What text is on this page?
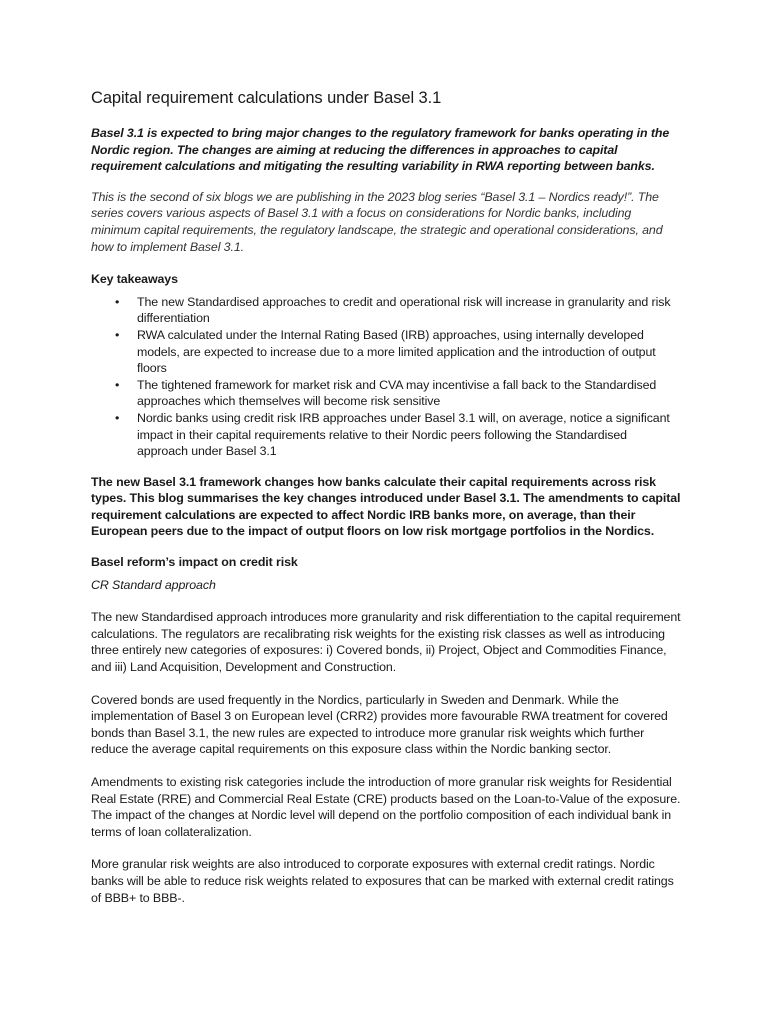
Capital requirement calculations under Basel 3.1

Basel 3.1 is expected to bring major changes to the regulatory framework for banks operating in the Nordic region. The changes are aiming at reducing the differences in approaches to capital requirement calculations and mitigating the resulting variability in RWA reporting between banks.

This is the second of six blogs we are publishing in the 2023 blog series “Basel 3.1 – Nordics ready!”. The series covers various aspects of Basel 3.1 with a focus on considerations for Nordic banks, including minimum capital requirements, the regulatory landscape, the strategic and operational considerations, and how to implement Basel 3.1.

Key takeaways
• The new Standardised approaches to credit and operational risk will increase in granularity and risk differentiation
• RWA calculated under the Internal Rating Based (IRB) approaches, using internally developed models, are expected to increase due to a more limited application and the introduction of output floors
• The tightened framework for market risk and CVA may incentivise a fall back to the Standardised approaches which themselves will become risk sensitive
• Nordic banks using credit risk IRB approaches under Basel 3.1 will, on average, notice a significant impact in their capital requirements relative to their Nordic peers following the Standardised approach under Basel 3.1

The new Basel 3.1 framework changes how banks calculate their capital requirements across risk types. This blog summarises the key changes introduced under Basel 3.1. The amendments to capital requirement calculations are expected to affect Nordic IRB banks more, on average, than their European peers due to the impact of output floors on low risk mortgage portfolios in the Nordics.

Basel reform’s impact on credit risk
CR Standard approach

The new Standardised approach introduces more granularity and risk differentiation to the capital requirement calculations. The regulators are recalibrating risk weights for the existing risk classes as well as introducing three entirely new categories of exposures: i) Covered bonds, ii) Project, Object and Commodities Finance, and iii) Land Acquisition, Development and Construction.

Covered bonds are used frequently in the Nordics, particularly in Sweden and Denmark. While the implementation of Basel 3 on European level (CRR2) provides more favourable RWA treatment for covered bonds than Basel 3.1, the new rules are expected to introduce more granular risk weights which further reduce the average capital requirements on this exposure class within the Nordic banking sector.

Amendments to existing risk categories include the introduction of more granular risk weights for Residential Real Estate (RRE) and Commercial Real Estate (CRE) products based on the Loan-to-Value of the exposure. The impact of the changes at Nordic level will depend on the portfolio composition of each individual bank in terms of loan collateralization.

More granular risk weights are also introduced to corporate exposures with external credit ratings. Nordic banks will be able to reduce risk weights related to exposures that can be marked with external credit ratings of BBB+ to BBB-.
